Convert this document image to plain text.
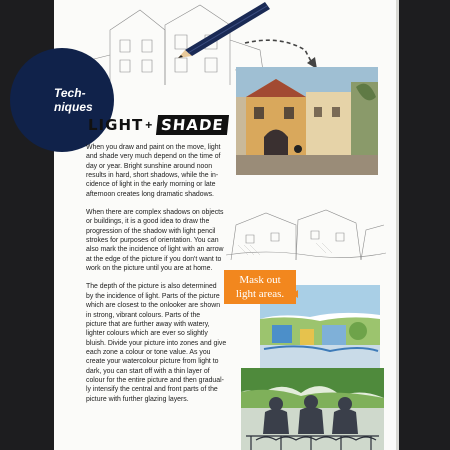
Tech-
niques
LIGHT + SHADE

When you draw and paint on the move, light
and shade very much depend on the time of
day or year. Bright sunshine around noon
results in hard, short shadows, while the in-
cidence of light in the early morning or late
afternoon creates long dramatic shadows.

When there are complex shadows on objects
or buildings, it is a good idea to draw the
progression of the shadow with light pencil
strokes for purposes of orientation. You can
also mark the incidence of light with an arrow
at the edge of the picture if you don't want to
work on the picture until you are at home.

The depth of the picture is also determined
by the incidence of light. Parts of the picture
which are closest to the onlooker are shown
in strong, vibrant colours. Parts of the
picture that are further away with watery,
lighter colours which are ever so slightly
bluish. Divide your picture into zones and give
each zone a colour or tone value. As you
create your watercolour picture from light to
dark, you can start off with a thin layer of
colour for the entire picture and then gradual-
ly intensify the central and front parts of the
picture with further glazing layers.

Mask out
light areas.
